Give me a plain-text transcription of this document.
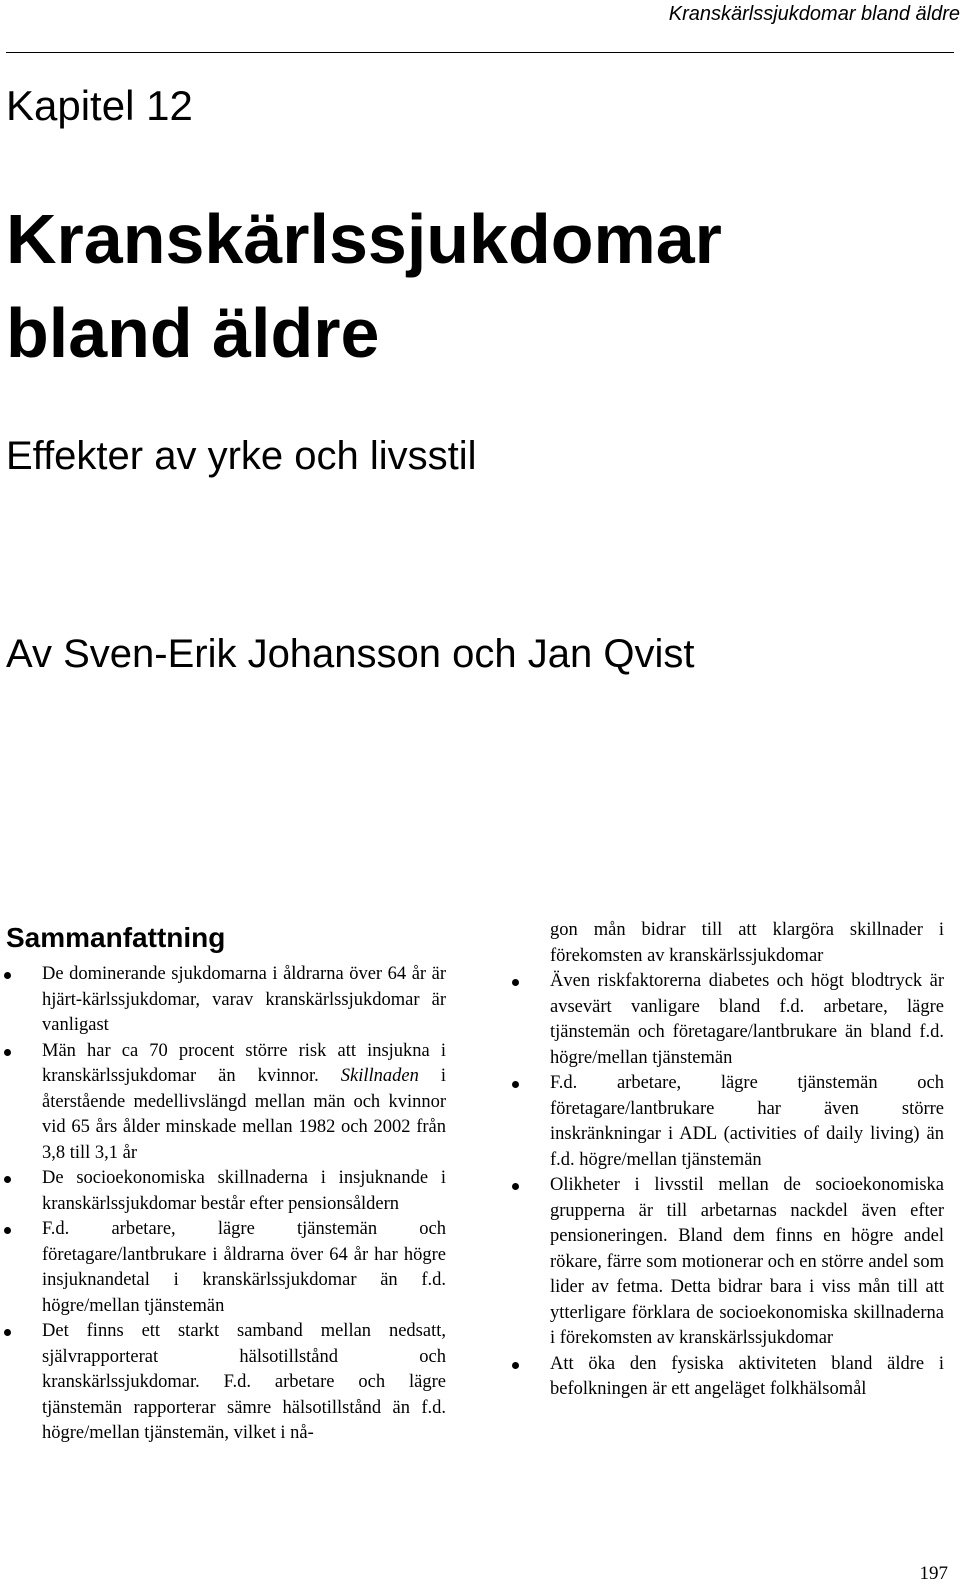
Kranskärlssjukdomar bland äldre
Kapitel 12
Kranskärlssjukdomar
bland äldre
Effekter av yrke och livsstil
Av Sven-Erik Johansson och Jan Qvist
Sammanfattning
De dominerande sjukdomarna i åldrarna över 64 år är hjärt-kärlssjukdomar, varav kranskärlssjukdomar är vanligast
Män har ca 70 procent större risk att insjukna i kranskärlssjukdomar än kvinnor. Skillnaden i återstående medellivslängd mellan män och kvinnor vid 65 års ålder minskade mellan 1982 och 2002 från 3,8 till 3,1 år
De socioekonomiska skillnaderna i insjuknande i kranskärlssjukdomar består efter pensionsåldern
F.d. arbetare, lägre tjänstemän och företagare/lantbrukare i åldrarna över 64 år har högre insjuknandetal i kranskärlssjukdomar än f.d. högre/mellan tjänstemän
Det finns ett starkt samband mellan nedsatt, självrapporterat hälsotillstånd och kranskärlssjukdomar. F.d. arbetare och lägre tjänstemän rapporterar sämre hälsotillstånd än f.d. högre/mellan tjänstemän, vilket i nå-

gon mån bidrar till att klargöra skillnader i förekomsten av kranskärlssjukdomar

Även riskfaktorerna diabetes och högt blodtryck är avsevärt vanligare bland f.d. arbetare, lägre tjänstemän och företagare/lantbrukare än bland f.d. högre/mellan tjänstemän
F.d. arbetare, lägre tjänstemän och företagare/lantbrukare har även större inskränkningar i ADL (activities of daily living) än f.d. högre/mellan tjänstemän
Olikheter i livsstil mellan de socioekonomiska grupperna är till arbetarnas nackdel även efter pensioneringen. Bland dem finns en högre andel rökare, färre som motionerar och en större andel som lider av fetma. Detta bidrar bara i viss mån till att ytterligare förklara de socioekonomiska skillnaderna i förekomsten av kranskärlssjukdomar
Att öka den fysiska aktiviteten bland äldre i befolkningen är ett angeläget folkhälsomål
197
